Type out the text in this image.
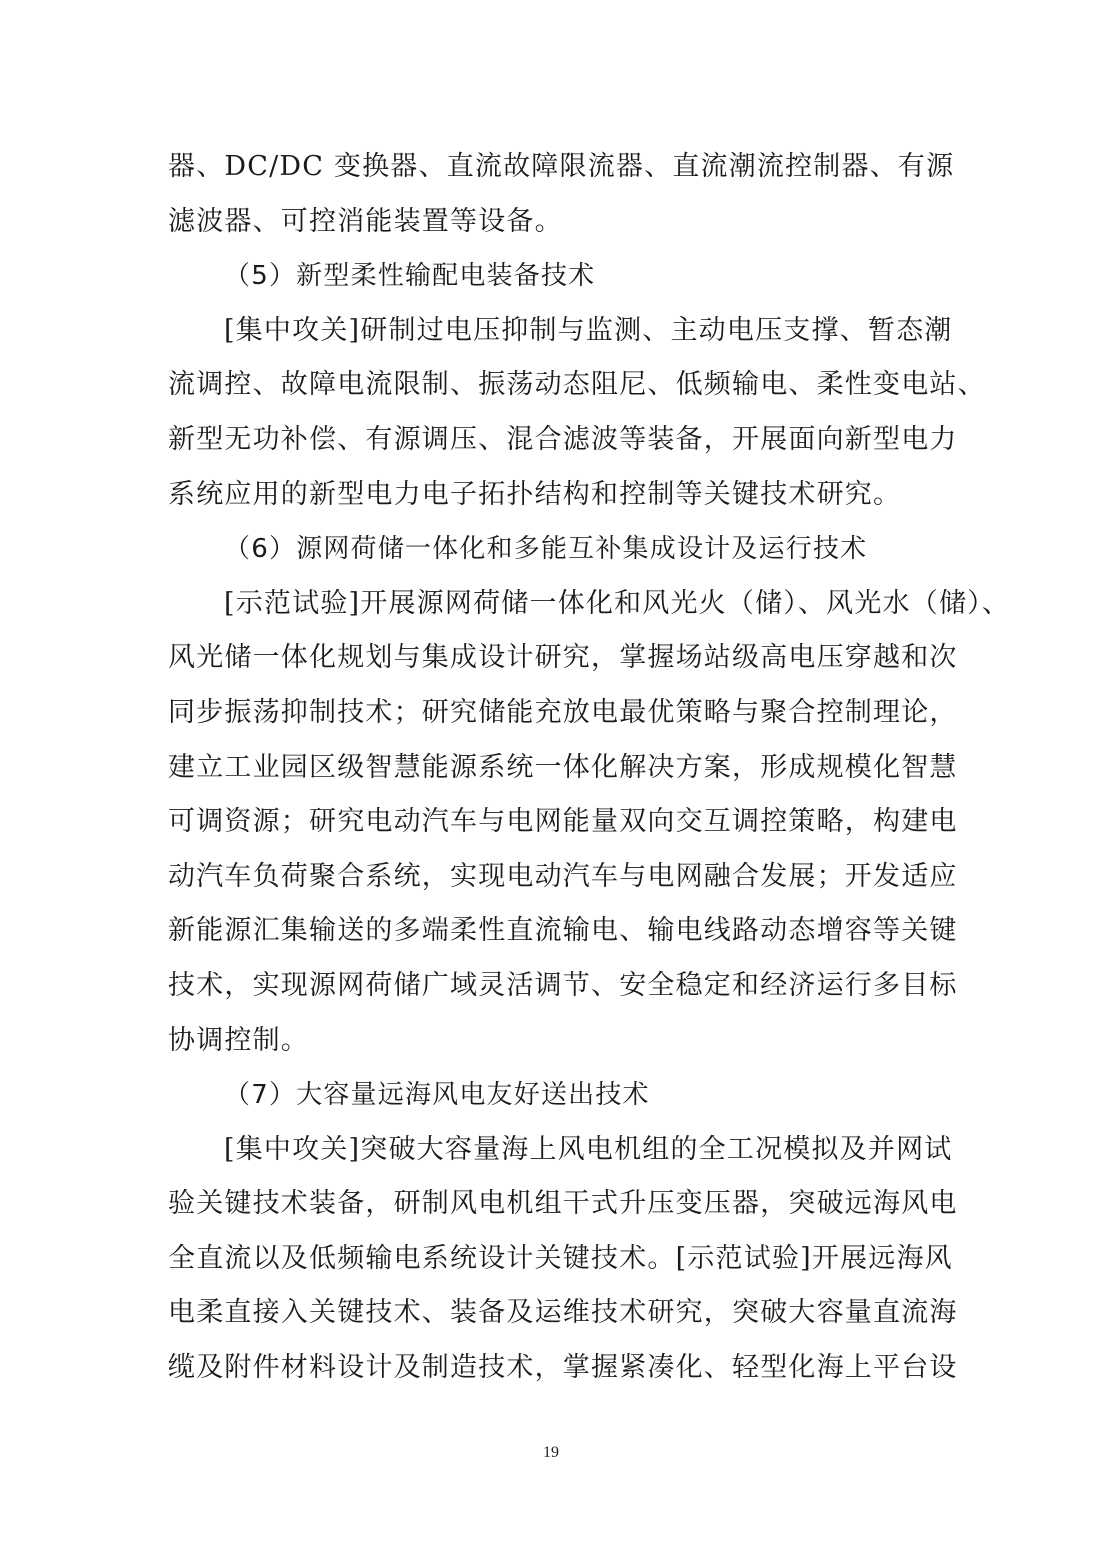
器、DC/DC 变换器、直流故障限流器、直流潮流控制器、有源
滤波器、可控消能装置等设备。
（5）新型柔性输配电装备技术
[集中攻关]研制过电压抑制与监测、主动电压支撑、暂态潮
流调控、故障电流限制、振荡动态阻尼、低频输电、柔性变电站、
新型无功补偿、有源调压、混合滤波等装备，开展面向新型电力
系统应用的新型电力电子拓扑结构和控制等关键技术研究。
（6）源网荷储一体化和多能互补集成设计及运行技术
[示范试验]开展源网荷储一体化和风光火（储）、风光水（储）、
风光储一体化规划与集成设计研究，掌握场站级高电压穿越和次
同步振荡抑制技术；研究储能充放电最优策略与聚合控制理论，
建立工业园区级智慧能源系统一体化解决方案，形成规模化智慧
可调资源；研究电动汽车与电网能量双向交互调控策略，构建电
动汽车负荷聚合系统，实现电动汽车与电网融合发展；开发适应
新能源汇集输送的多端柔性直流输电、输电线路动态增容等关键
技术，实现源网荷储广域灵活调节、安全稳定和经济运行多目标
协调控制。
（7）大容量远海风电友好送出技术
[集中攻关]突破大容量海上风电机组的全工况模拟及并网试
验关键技术装备，研制风电机组干式升压变压器，突破远海风电
全直流以及低频输电系统设计关键技术。[示范试验]开展远海风
电柔直接入关键技术、装备及运维技术研究，突破大容量直流海
缆及附件材料设计及制造技术，掌握紧凑化、轻型化海上平台设
19
